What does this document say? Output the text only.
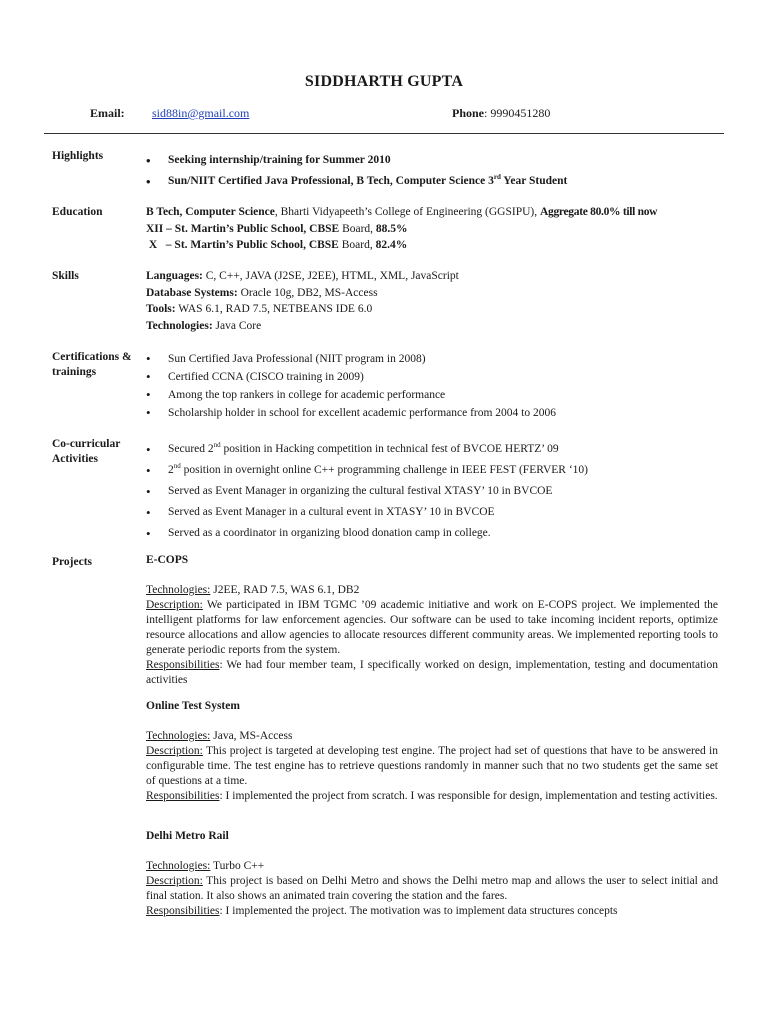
SIDDHARTH GUPTA
Email: sid88in@gmail.com	Phone: 9990451280
Highlights
•	Seeking internship/training for Summer 2010
• Sun/NIIT Certified Java Professional, B Tech, Computer Science 3rd Year Student
Education	B Tech, Computer Science, Bharti Vidyapeeth’s College of Engineering (GGSIPU), Aggregate 80.0% till now
XII – St. Martin’s Public School, CBSE Board, 88.5%
X   – St. Martin’s Public School, CBSE Board, 82.4%
Skills	Languages: C, C++, JAVA (J2SE, J2EE), HTML, XML, JavaScript
Database Systems: Oracle 10g, DB2, MS-Access
Tools: WAS 6.1, RAD 7.5, NETBEANS IDE 6.0
Technologies: Java Core
Certifications &
trainings
• Sun Certified Java Professional (NIIT program in 2008)
• Certified CCNA (CISCO training in 2009)
• Among the top rankers in college for academic performance
• Scholarship holder in school for excellent academic performance from 2004 to 2006
Co-curricular
Activities
• Secured 2nd position in Hacking competition in technical fest of BVCOE HERTZ’ 09
• 2nd position in overnight online C++ programming challenge in IEEE FEST (FERVER ‘10)
• Served as Event Manager in organizing the cultural festival XTASY’ 10 in BVCOE
• Served as Event Manager in a cultural event in XTASY’ 10 in BVCOE
• Served as a coordinator in organizing blood donation camp in college.
Projects	E-COPS
Technologies: J2EE, RAD 7.5, WAS 6.1, DB2
Description: We participated in IBM TGMC ’09 academic initiative and work on E-COPS project. We implemented the intelligent platforms for law enforcement agencies. Our software can be used to take incoming incident reports, optimize resource allocations and allow agencies to allocate resources different community areas. We implemented reporting tools to generate periodic reports from the system.
Responsibilities: We had four member team, I specifically worked on design, implementation, testing and documentation activities
Online Test System
Technologies: Java, MS-Access
Description: This project is targeted at developing test engine. The project had set of questions that have to be answered in configurable time. The test engine has to retrieve questions randomly in manner such that no two students get the same set of questions at a time.
Responsibilities: I implemented the project from scratch. I was responsible for design, implementation and testing activities.
Delhi Metro Rail
Technologies: Turbo C++
Description: This project is based on Delhi Metro and shows the Delhi metro map and allows the user to select initial and final station. It also shows an animated train covering the station and the fares.
Responsibilities: I implemented the project. The motivation was to implement data structures concepts
